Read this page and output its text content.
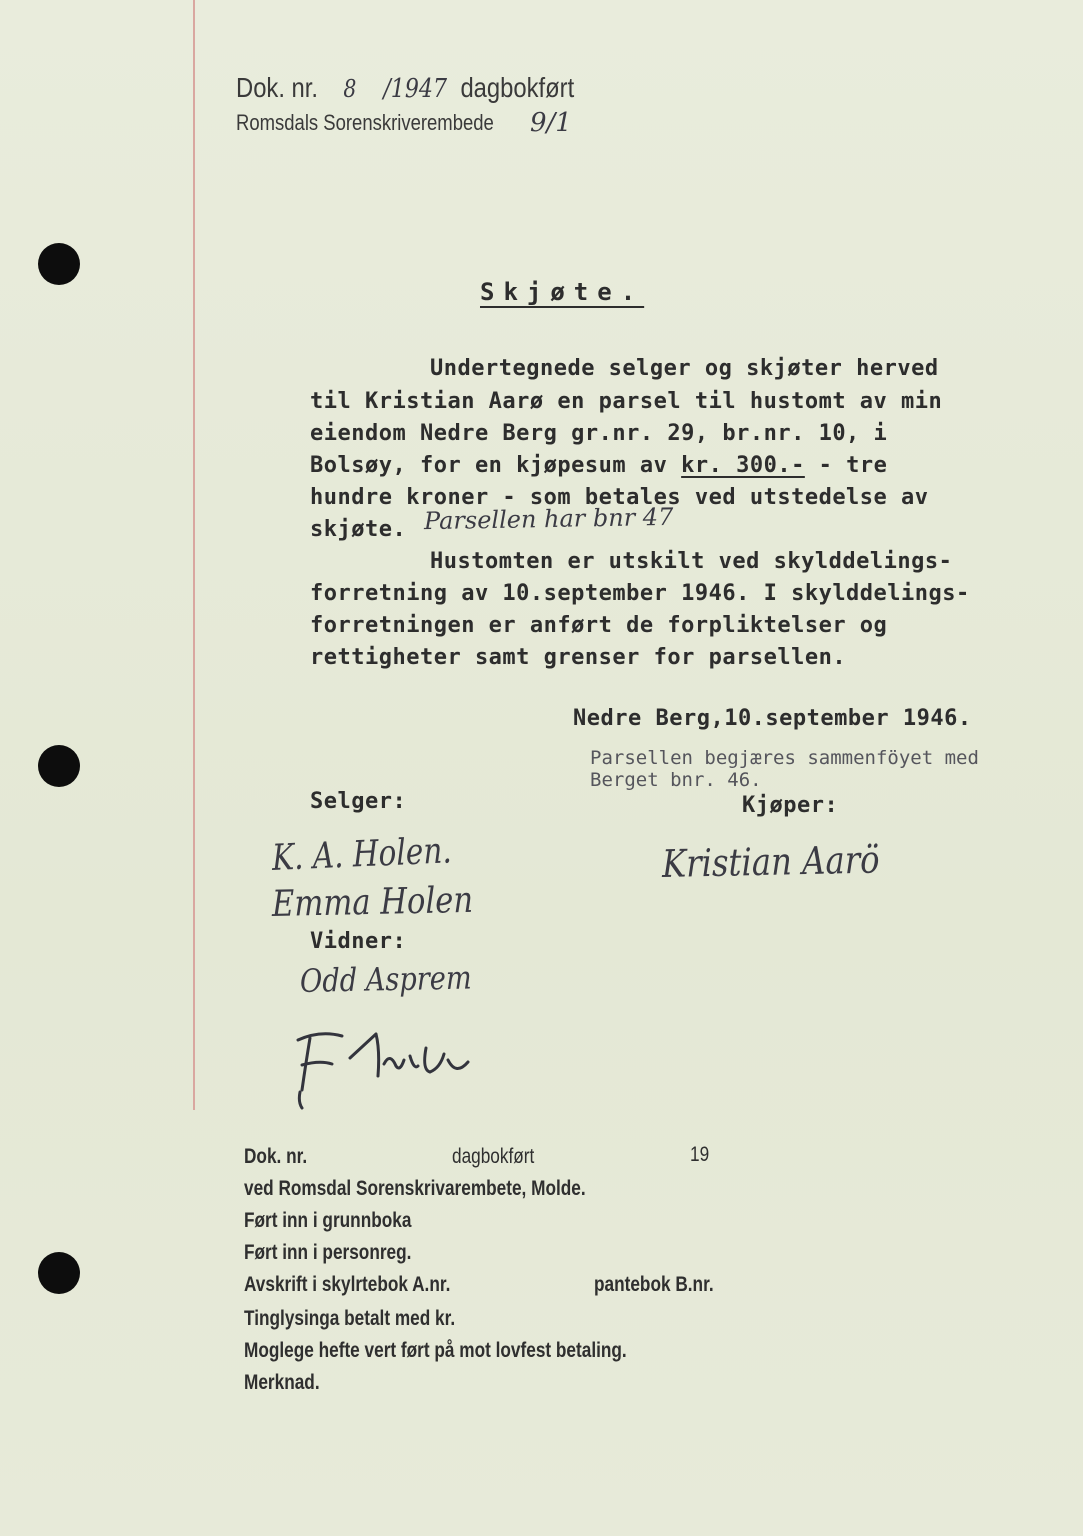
Dok. nr. 8 /1947 dagbokført
Romsdals Sorenskriverembede 9/1
Skjøte.
Undertegnede selger og skjøter herved
til Kristian Aarø en parsel til hustomt av min
eiendom Nedre Berg gr.nr. 29, br.nr. 10, i
Bolsøy, for en kjøpesum av kr. 300.- - tre
hundre kroner - som betales ved utstedelse av
skjøte. Parsellen har bnr 47
Hustomten er utskilt ved skylddelings-
forretning av 10.september 1946. I skylddelings-
forretningen er anført de forpliktelser og
rettigheter samt grenser for parsellen.
Nedre Berg,10.september 1946.
Parsellen begjæres sammenföyet med
Berget bnr. 46.
Selger:	Kjøper:
Vidner:
K. A. Holen.
Emma Holen
Kristian Aarö
Odd Asprem
Dok. nr.	dagbokført	19
ved Romsdal Sorenskrivarembete, Molde.
Ført inn i grunnboka
Ført inn i personreg.
Avskrift i skylrtebok A.nr.	pantebok B.nr.
Tinglysinga betalt med kr.
Moglege hefte vert ført på mot lovfest betaling.
Merknad.
